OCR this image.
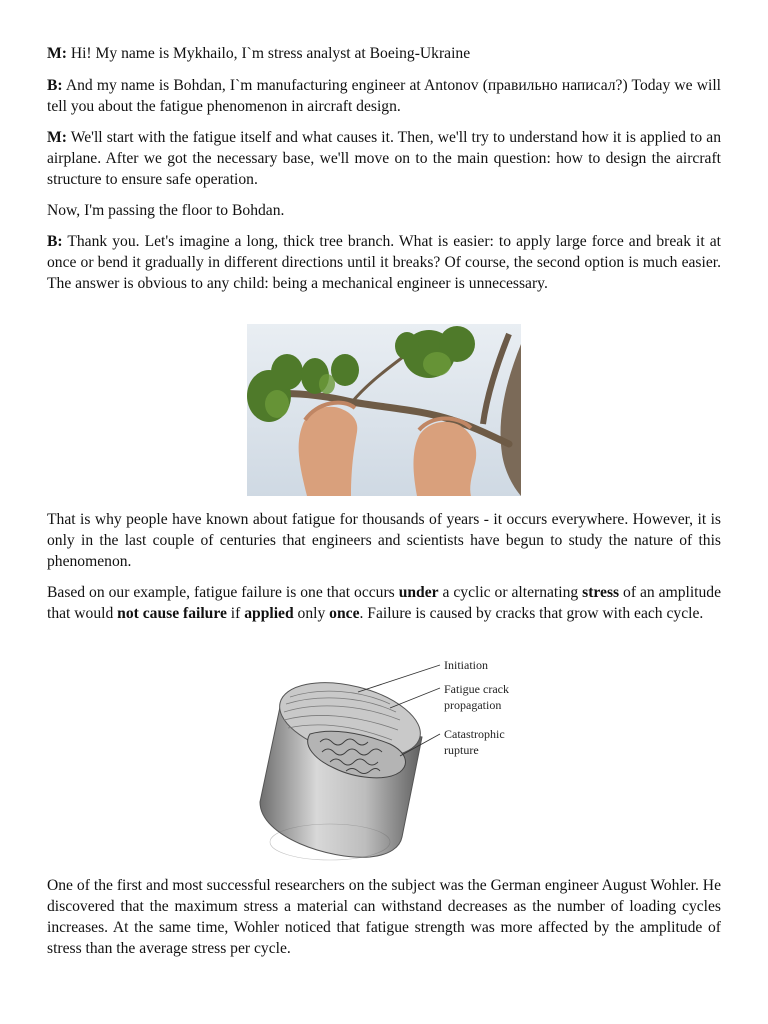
M: Hi! My name is Mykhailo, I`m stress analyst at Boeing-Ukraine

B: And my name is Bohdan, I`m manufacturing engineer at Antonov (правильно написал?) Today we will tell you about the fatigue phenomenon in aircraft design.

M: We'll start with the fatigue itself and what causes it. Then, we'll try to understand how it is applied to an airplane. After we got the necessary base, we'll move on to the main question: how to design the aircraft structure to ensure safe operation.

Now, I'm passing the floor to Bohdan.

B: Thank you. Let's imagine a long, thick tree branch. What is easier: to apply large force and break it at once or bend it gradually in different directions until it breaks? Of course, the second option is much easier. The answer is obvious to any child: being a mechanical engineer is unnecessary.

That is why people have known about fatigue for thousands of years - it occurs everywhere. However, it is only in the last couple of centuries that engineers and scientists have begun to study the nature of this phenomenon.

Based on our example, fatigue failure is one that occurs under a cyclic or alternating stress of an amplitude that would not cause failure if applied only once. Failure is caused by cracks that grow with each cycle.

Initiation
Fatigue crack
propagation
Catastrophic
rupture

One of the first and most successful researchers on the subject was the German engineer August Wohler. He discovered that the maximum stress a material can withstand decreases as the number of loading cycles increases. At the same time, Wohler noticed that fatigue strength was more affected by the amplitude of stress than the average stress per cycle.
